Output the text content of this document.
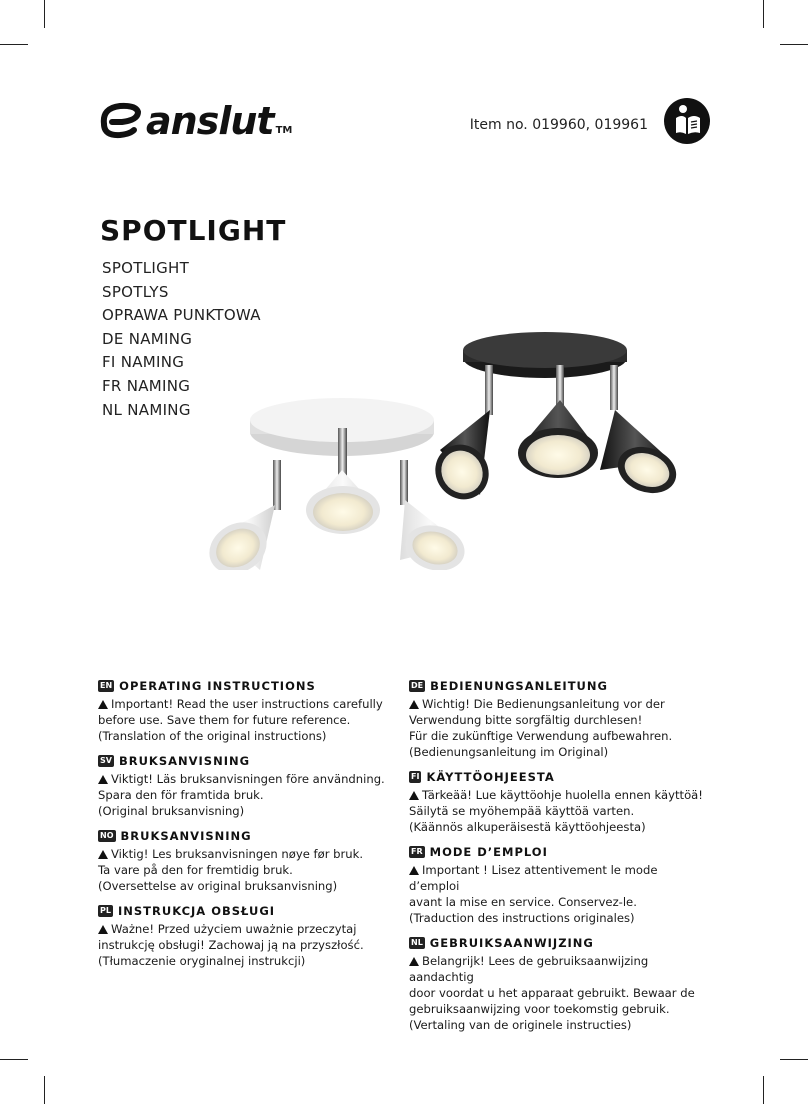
anslut TM	Item no. 019960, 019961
SPOTLIGHT
SPOTLIGHT
SPOTLYS
OPRAWA PUNKTOWA
DE NAMING
FI NAMING
FR NAMING
NL NAMING
EN OPERATING INSTRUCTIONS

Important! Read the user instructions carefully

before use. Save them for future reference.

(Translation of the original instructions)

SV BRUKSANVISNING

Viktigt! Läs bruksanvisningen före användning.

Spara den för framtida bruk.

(Original bruksanvisning)

NO BRUKSANVISNING

Viktig! Les bruksanvisningen nøye før bruk.

Ta vare på den for fremtidig bruk.

(Oversettelse av original bruksanvisning)

PL INSTRUKCJA OBSŁUGI

Ważne! Przed użyciem uważnie przeczytaj

instrukcję obsługi! Zachowaj ją na przyszłość.

(Tłumaczenie oryginalnej instrukcji)

DE BEDIENUNGSANLEITUNG

Wichtig! Die Bedienungsanleitung vor der

Verwendung bitte sorgfältig durchlesen!

Für die zukünftige Verwendung aufbewahren.

(Bedienungsanleitung im Original)

FI KÄYTTÖOHJEESTA

Tärkeää! Lue käyttöohje huolella ennen käyttöä!

Säilytä se myöhempää käyttöä varten.

(Käännös alkuperäisestä käyttöohjeesta)

FR MODE D’EMPLOI

Important ! Lisez attentivement le mode d’emploi

avant la mise en service. Conservez-le.

(Traduction des instructions originales)

NL GEBRUIKSAANWIJZING

Belangrijk! Lees de gebruiksaanwijzing aandachtig

door voordat u het apparaat gebruikt. Bewaar de

gebruiksaanwijzing voor toekomstig gebruik.

(Vertaling van de originele instructies)
